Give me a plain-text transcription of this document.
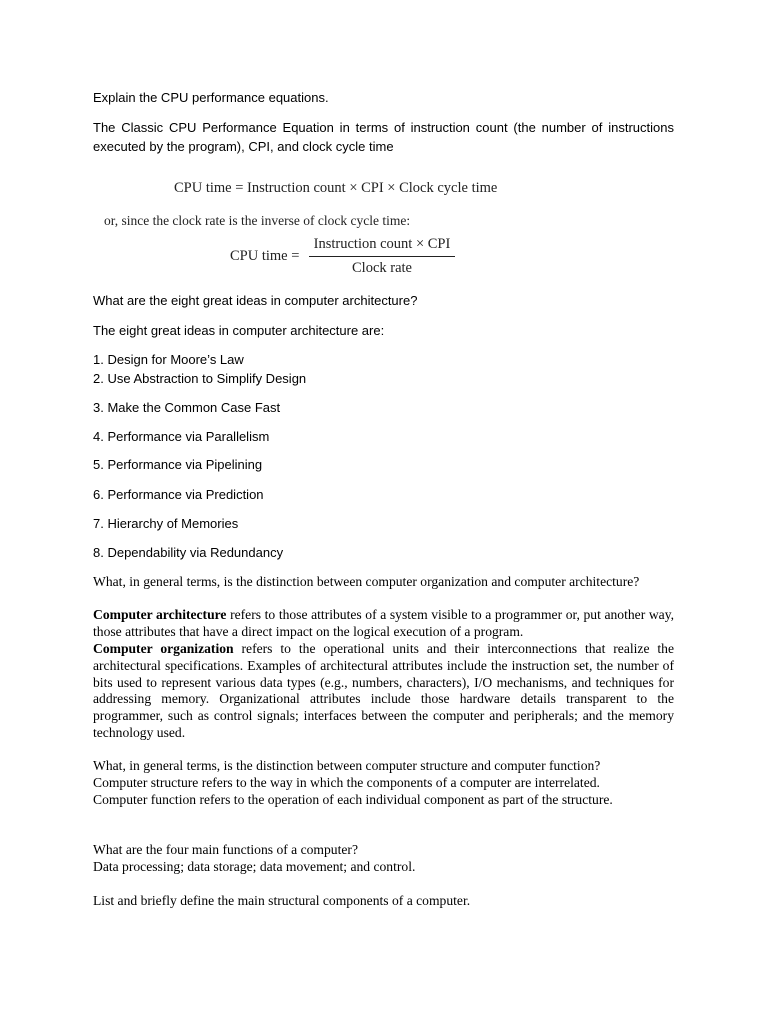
Explain the CPU performance equations.

The Classic CPU Performance Equation in terms of instruction count (the number of instructions executed by the program), CPI, and clock cycle time

CPU time = Instruction count × CPI × Clock cycle time
or, since the clock rate is the inverse of clock cycle time:
CPU time =
Instruction count × CPI
Clock rate

What are the eight great ideas in computer architecture?

The eight great ideas in computer architecture are:

1. Design for Moore’s Law
2. Use Abstraction to Simplify Design
3. Make the Common Case Fast
4. Performance via Parallelism
5. Performance via Pipelining
6. Performance via Prediction
7. Hierarchy of Memories
8. Dependability via Redundancy

What, in general terms, is the distinction between computer organization and computer architecture?

Computer architecture refers to those attributes of a system visible to a programmer or, put another way, those attributes that have a direct impact on the logical execution of a program.

Computer organization refers to the operational units and their interconnections that realize the architectural specifications. Examples of architectural attributes include the instruction set, the number of bits used to represent various data types (e.g., numbers, characters), I/O mechanisms, and techniques for addressing memory. Organizational attributes include those hardware details transparent to the programmer, such as control signals; interfaces between the computer and peripherals; and the memory technology used.

What, in general terms, is the distinction between computer structure and computer function?

Computer structure refers to the way in which the components of a computer are interrelated.

Computer function refers to the operation of each individual component as part of the structure.

What are the four main functions of a computer?

Data processing; data storage; data movement; and control.

List and briefly define the main structural components of a computer.
